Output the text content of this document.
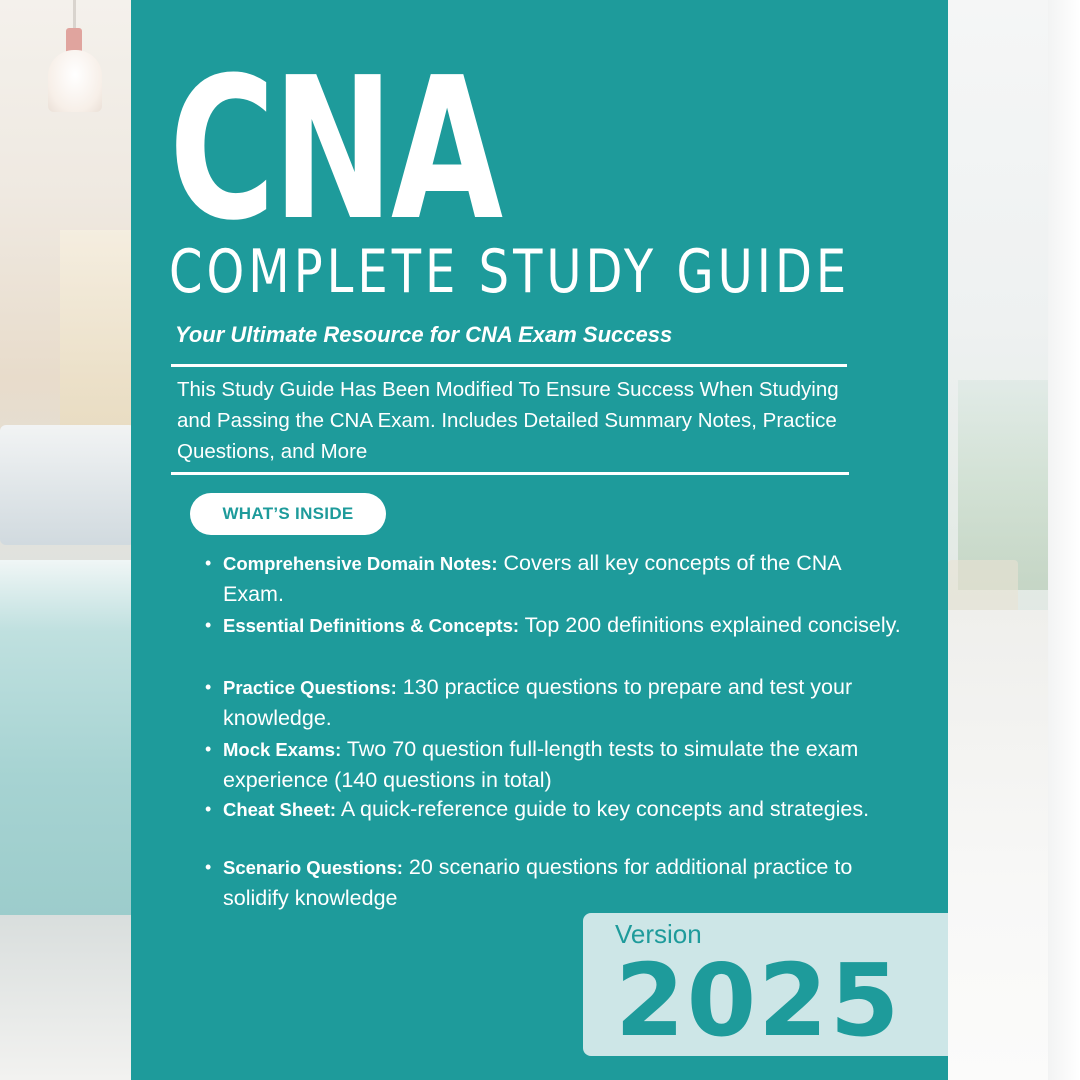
CNA
COMPLETE STUDY GUIDE

Your Ultimate Resource for CNA Exam Success

This Study Guide Has Been Modified To Ensure Success When Studying and Passing the CNA Exam. Includes Detailed Summary Notes, Practice Questions, and More

WHAT’S INSIDE
• Comprehensive Domain Notes: Covers all key concepts of the CNA Exam.
• Essential Definitions & Concepts: Top 200 definitions explained concisely.
• Practice Questions: 130 practice questions to prepare and test your knowledge.
• Mock Exams: Two 70 question full-length tests to simulate the exam experience (140 questions in total)
• Cheat Sheet: A quick-reference guide to key concepts and strategies.
• Scenario Questions: 20 scenario questions for additional practice to solidify knowledge

Version

2025
